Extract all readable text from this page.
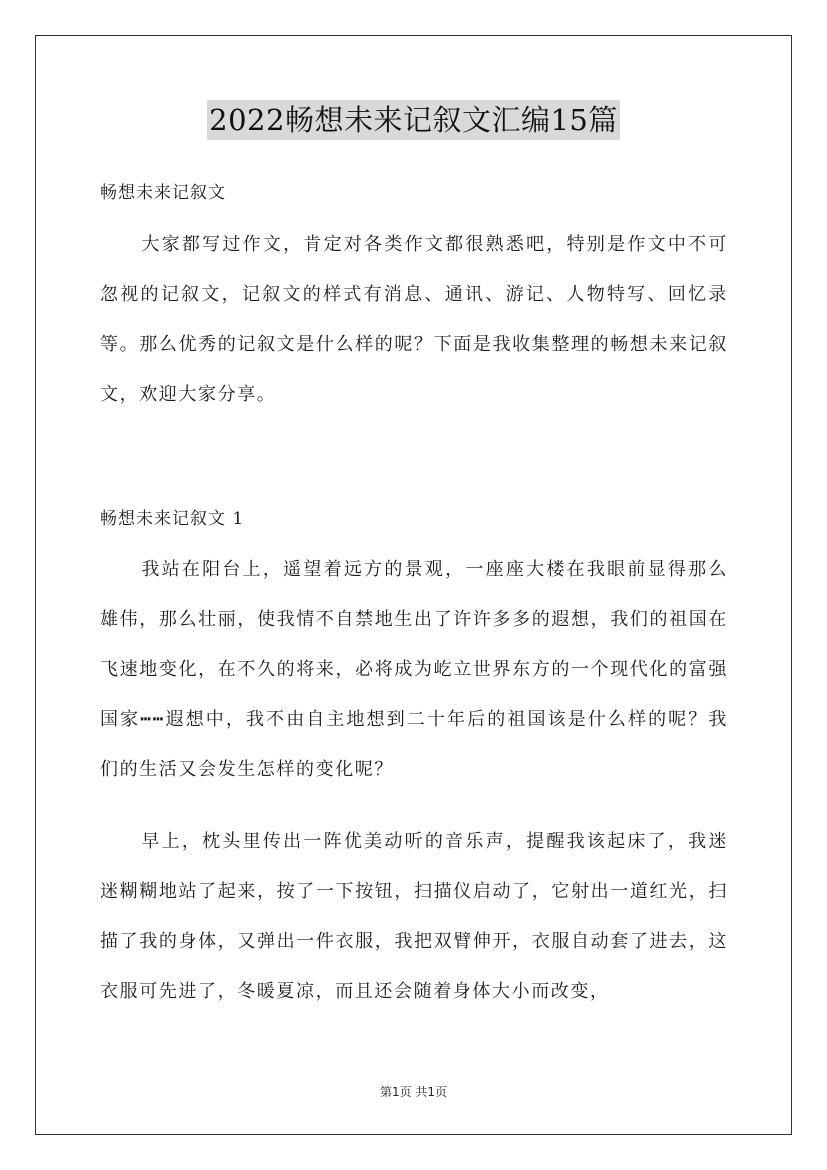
2022畅想未来记叙文汇编15篇
畅想未来记叙文

大家都写过作文，肯定对各类作文都很熟悉吧，特别是作文中不可忽视的记叙文，记叙文的样式有消息、通讯、游记、人物特写、回忆录等。那么优秀的记叙文是什么样的呢？下面是我收集整理的畅想未来记叙文，欢迎大家分享。

畅想未来记叙文 1

我站在阳台上，遥望着远方的景观，一座座大楼在我眼前显得那么雄伟，那么壮丽，使我情不自禁地生出了许许多多的遐想，我们的祖国在飞速地变化，在不久的将来，必将成为屹立世界东方的一个现代化的富强国家┅┅遐想中，我不由自主地想到二十年后的祖国该是什么样的呢？我们的生活又会发生怎样的变化呢？

早上，枕头里传出一阵优美动听的音乐声，提醒我该起床了，我迷迷糊糊地站了起来，按了一下按钮，扫描仪启动了，它射出一道红光，扫描了我的身体，又弹出一件衣服，我把双臂伸开，衣服自动套了进去，这衣服可先进了，冬暖夏凉，而且还会随着身体大小而改变，

第1页 共1页
